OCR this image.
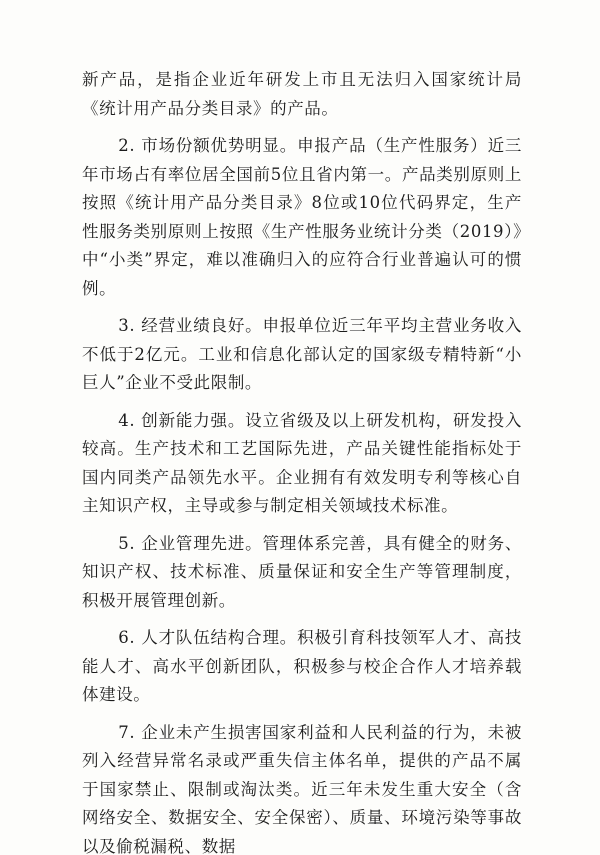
新产品，是指企业近年研发上市且无法归入国家统计局《统计用产品分类目录》的产品。

2. 市场份额优势明显。申报产品（生产性服务）近三年市场占有率位居全国前5位且省内第一。产品类别原则上按照《统计用产品分类目录》8位或10位代码界定，生产性服务类别原则上按照《生产性服务业统计分类（2019）》中“小类”界定，难以准确归入的应符合行业普遍认可的惯例。

3. 经营业绩良好。申报单位近三年平均主营业务收入不低于2亿元。工业和信息化部认定的国家级专精特新“小巨人”企业不受此限制。

4. 创新能力强。设立省级及以上研发机构，研发投入较高。生产技术和工艺国际先进，产品关键性能指标处于国内同类产品领先水平。企业拥有有效发明专利等核心自主知识产权，主导或参与制定相关领域技术标准。

5. 企业管理先进。管理体系完善，具有健全的财务、知识产权、技术标准、质量保证和安全生产等管理制度，积极开展管理创新。

6. 人才队伍结构合理。积极引育科技领军人才、高技能人才、高水平创新团队，积极参与校企合作人才培养载体建设。

7. 企业未产生损害国家利益和人民利益的行为，未被列入经营异常名录或严重失信主体名单，提供的产品不属于国家禁止、限制或淘汰类。近三年未发生重大安全（含网络安全、数据安全、安全保密）、质量、环境污染等事故以及偷税漏税、数据
